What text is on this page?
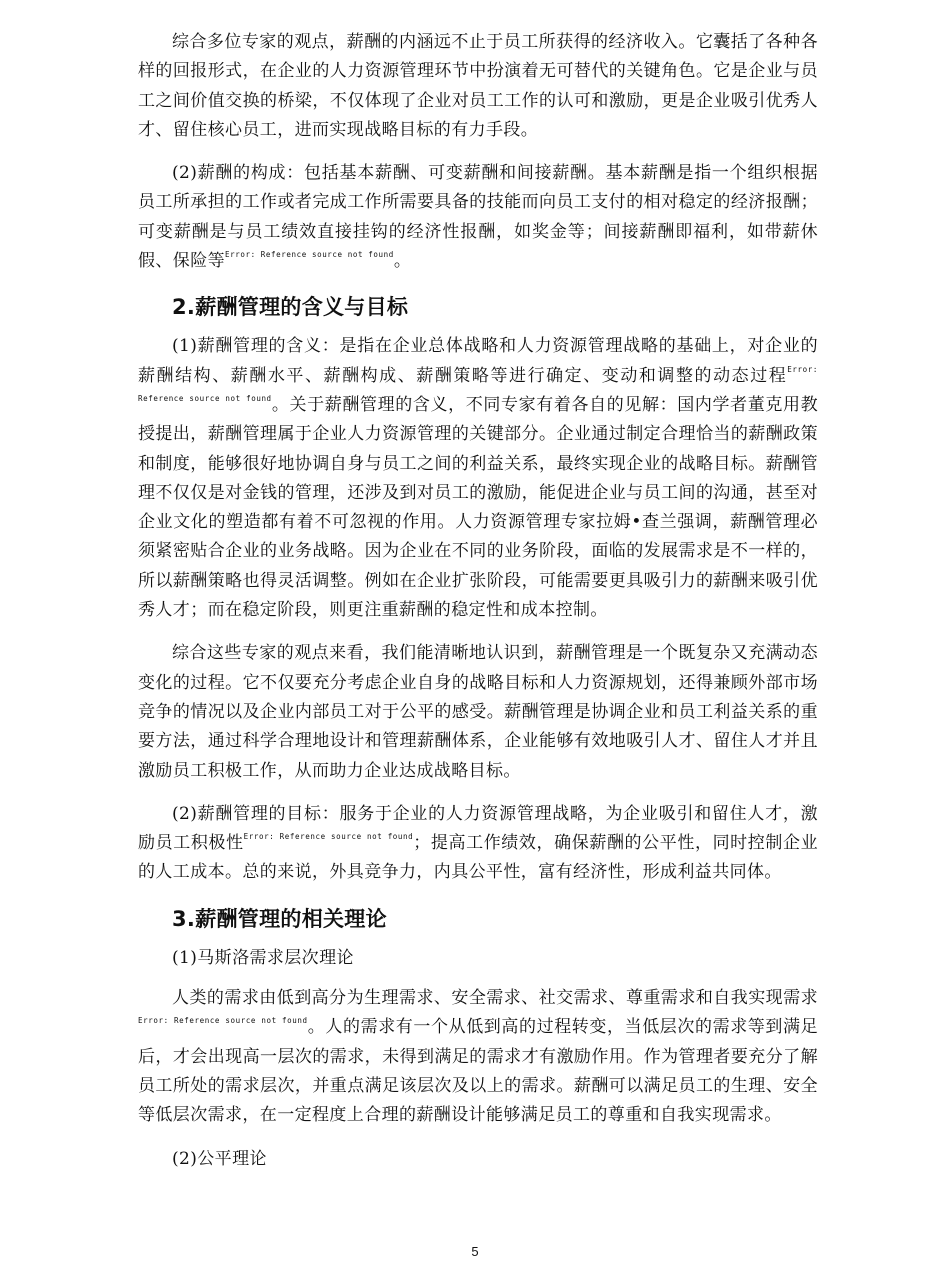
综合多位专家的观点，薪酬的内涵远不止于员工所获得的经济收入。它囊括了各种各样的回报形式，在企业的人力资源管理环节中扮演着无可替代的关键角色。它是企业与员工之间价值交换的桥梁，不仅体现了企业对员工工作的认可和激励，更是企业吸引优秀人才、留住核心员工，进而实现战略目标的有力手段。

(2)薪酬的构成：包括基本薪酬、可变薪酬和间接薪酬。基本薪酬是指一个组织根据员工所承担的工作或者完成工作所需要具备的技能而向员工支付的相对稳定的经济报酬；可变薪酬是与员工绩效直接挂钩的经济性报酬，如奖金等；间接薪酬即福利，如带薪休假、保险等$^{Error: Reference source not found}$。

2.薪酬管理的含义与目标

(1)薪酬管理的含义：是指在企业总体战略和人力资源管理战略的基础上，对企业的薪酬结构、薪酬水平、薪酬构成、薪酬策略等进行确定、变动和调整的动态过程$^{Error: Reference source not found}$。关于薪酬管理的含义，不同专家有着各自的见解：国内学者董克用教授提出，薪酬管理属于企业人力资源管理的关键部分。企业通过制定合理恰当的薪酬政策和制度，能够很好地协调自身与员工之间的利益关系，最终实现企业的战略目标。薪酬管理不仅仅是对金钱的管理，还涉及到对员工的激励，能促进企业与员工间的沟通，甚至对企业文化的塑造都有着不可忽视的作用。人力资源管理专家拉姆•查兰强调，薪酬管理必须紧密贴合企业的业务战略。因为企业在不同的业务阶段，面临的发展需求是不一样的，所以薪酬策略也得灵活调整。例如在企业扩张阶段，可能需要更具吸引力的薪酬来吸引优秀人才；而在稳定阶段，则更注重薪酬的稳定性和成本控制。

综合这些专家的观点来看，我们能清晰地认识到，薪酬管理是一个既复杂又充满动态变化的过程。它不仅要充分考虑企业自身的战略目标和人力资源规划，还得兼顾外部市场竞争的情况以及企业内部员工对于公平的感受。薪酬管理是协调企业和员工利益关系的重要方法，通过科学合理地设计和管理薪酬体系，企业能够有效地吸引人才、留住人才并且激励员工积极工作，从而助力企业达成战略目标。

(2)薪酬管理的目标：服务于企业的人力资源管理战略，为企业吸引和留住人才，激励员工积极性$^{Error: Reference source not found}$；提高工作绩效，确保薪酬的公平性，同时控制企业的人工成本。总的来说，外具竞争力，内具公平性，富有经济性，形成利益共同体。

3.薪酬管理的相关理论

(1)马斯洛需求层次理论

人类的需求由低到高分为生理需求、安全需求、社交需求、尊重需求和自我实现需求$^{Error: Reference source not found}$。人的需求有一个从低到高的过程转变，当低层次的需求等到满足后，才会出现高一层次的需求，未得到满足的需求才有激励作用。作为管理者要充分了解员工所处的需求层次，并重点满足该层次及以上的需求。薪酬可以满足员工的生理、安全等低层次需求，在一定程度上合理的薪酬设计能够满足员工的尊重和自我实现需求。

(2)公平理论

5
